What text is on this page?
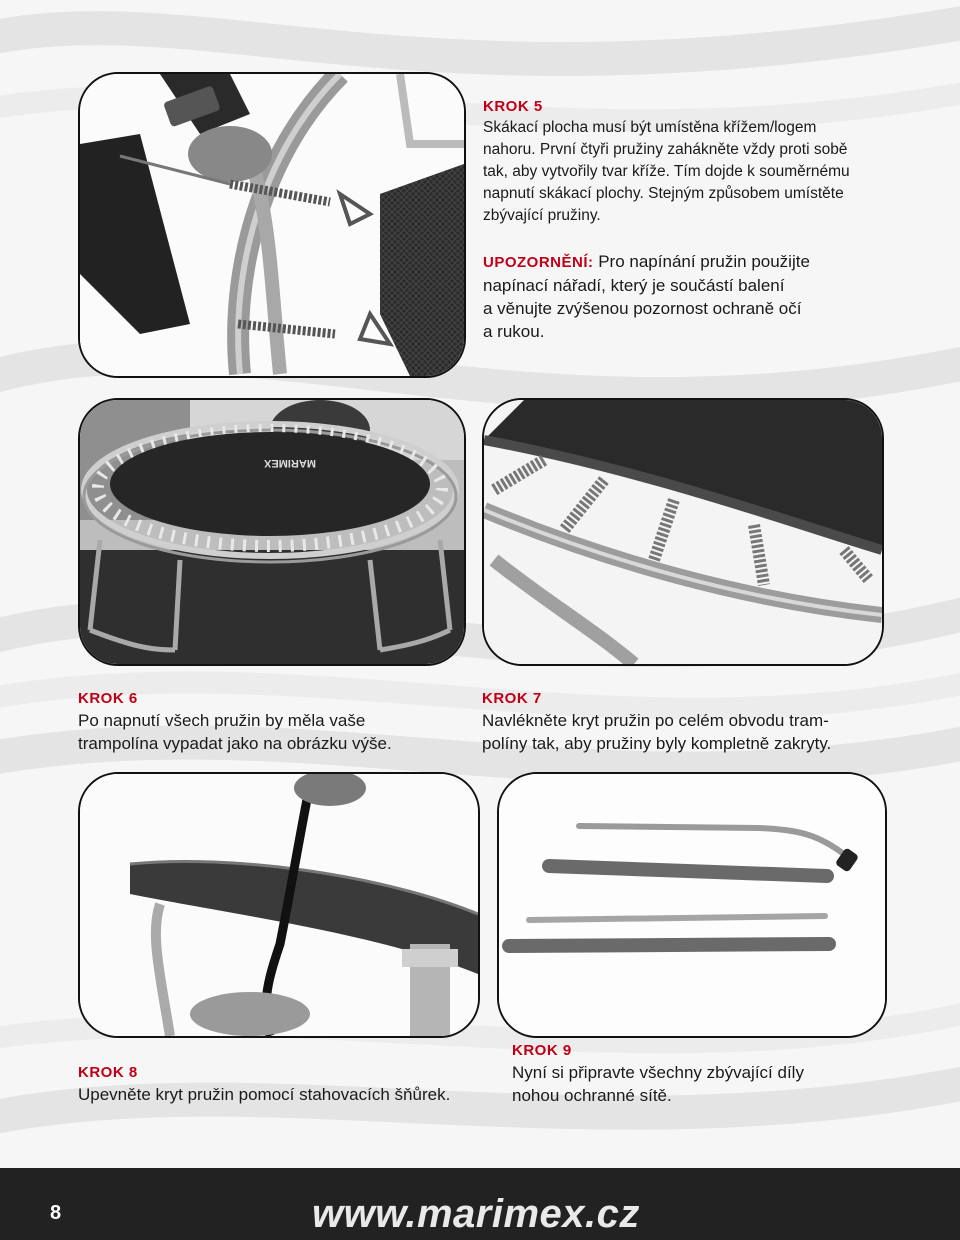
KROK 5
Skákací plocha musí být umístěna křížem/logem
nahoru. První čtyři pružiny zahákněte vždy proti sobě
tak, aby vytvořily tvar kříže. Tím dojde k souměrnému
napnutí skákací plochy. Stejným způsobem umístěte
zbývající pružiny.
UPOZORNĚNÍ: Pro napínání pružin použijte
napínací nářadí, který je součástí balení
a věnujte zvýšenou pozornost ochraně očí
a rukou.
MARIMEX
KROK 6
Po napnutí všech pružin by měla vaše
trampolína vypadat jako na obrázku výše.
KROK 7
Navlékněte kryt pružin po celém obvodu tram-
políny tak, aby pružiny byly kompletně zakryty.
KROK 8
Upevněte kryt pružin pomocí stahovacích šňůrek.
KROK 9
Nyní si připravte všechny zbývající díly
nohou ochranné sítě.
8	www.marimex.cz
